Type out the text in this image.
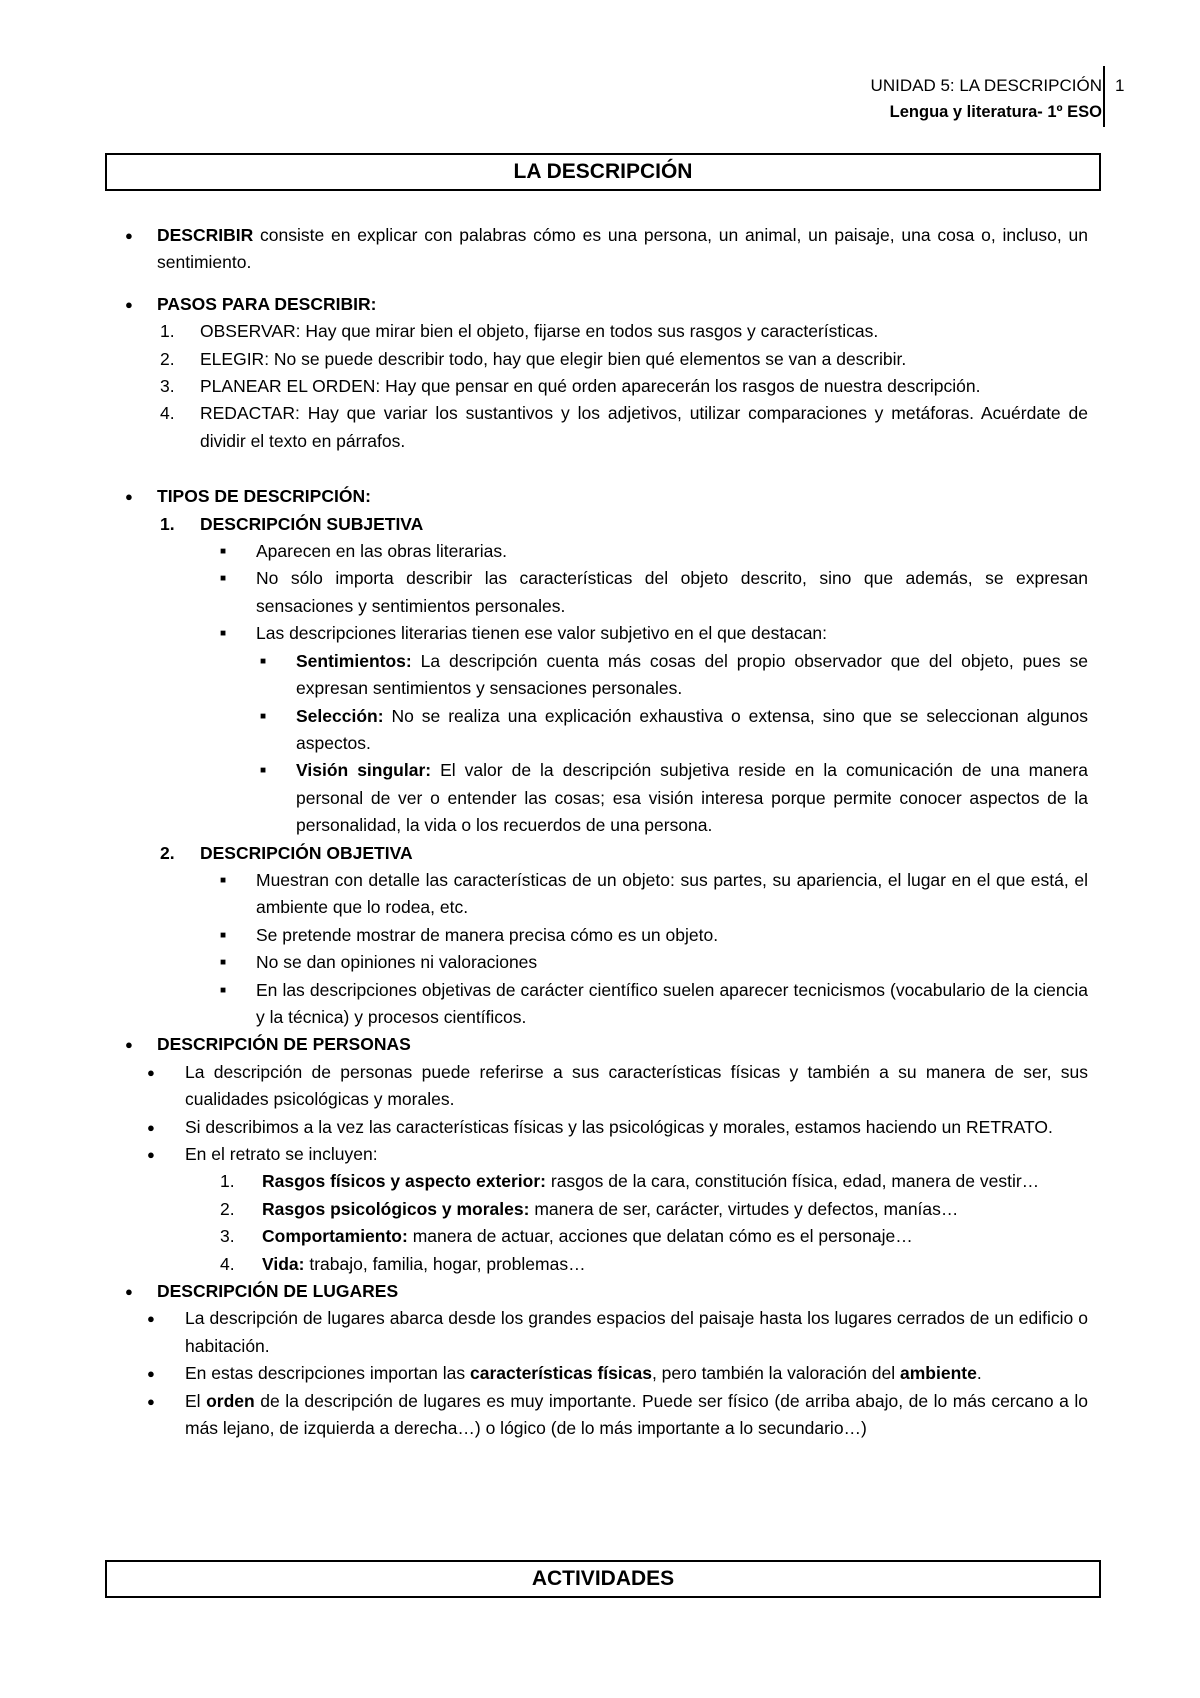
UNIDAD 5: LA DESCRIPCIÓN
Lengua y literatura- 1º ESO
1
LA DESCRIPCIÓN
● DESCRIBIR consiste en explicar con palabras cómo es una persona, un animal, un paisaje, una cosa o, incluso, un sentimiento.
● PASOS PARA DESCRIBIR:
1. OBSERVAR: Hay que mirar bien el objeto, fijarse en todos sus rasgos y características.
2. ELEGIR: No se puede describir todo, hay que elegir bien qué elementos se van a describir.
3. PLANEAR EL ORDEN: Hay que pensar en qué orden aparecerán los rasgos de nuestra descripción.
4. REDACTAR: Hay que variar los sustantivos y los adjetivos, utilizar comparaciones y metáforas. Acuérdate de dividir el texto en párrafos.
● TIPOS DE DESCRIPCIÓN:
1. DESCRIPCIÓN SUBJETIVA
■ Aparecen en las obras literarias.
■ No sólo importa describir las características del objeto descrito, sino que además, se expresan sensaciones y sentimientos personales.
■ Las descripciones literarias tienen ese valor subjetivo en el que destacan:
■ Sentimientos: La descripción cuenta más cosas del propio observador que del objeto, pues se expresan sentimientos y sensaciones personales.
■ Selección: No se realiza una explicación exhaustiva o extensa, sino que se seleccionan algunos aspectos.
■ Visión singular: El valor de la descripción subjetiva reside en la comunicación de una manera personal de ver o entender las cosas; esa visión interesa porque permite conocer aspectos de la personalidad, la vida o los recuerdos de una persona.
2. DESCRIPCIÓN OBJETIVA
■ Muestran con detalle las características de un objeto: sus partes, su apariencia, el lugar en el que está, el ambiente que lo rodea, etc.
■ Se pretende mostrar de manera precisa cómo es un objeto.
■ No se dan opiniones ni valoraciones
■ En las descripciones objetivas de carácter científico suelen aparecer tecnicismos (vocabulario de la ciencia y la técnica) y procesos científicos.
● DESCRIPCIÓN DE PERSONAS
● La descripción de personas puede referirse a sus características físicas y también a su manera de ser, sus cualidades psicológicas y morales.
● Si describimos a la vez las características físicas y las psicológicas y morales, estamos haciendo un RETRATO.
● En el retrato se incluyen:
1. Rasgos físicos y aspecto exterior: rasgos de la cara, constitución física, edad, manera de vestir…
2. Rasgos psicológicos y morales: manera de ser, carácter, virtudes y defectos, manías…
3. Comportamiento: manera de actuar, acciones que delatan cómo es el personaje…
4. Vida: trabajo, familia, hogar, problemas…
● DESCRIPCIÓN DE LUGARES
● La descripción de lugares abarca desde los grandes espacios del paisaje hasta los lugares cerrados de un edificio o habitación.
● En estas descripciones importan las características físicas, pero también la valoración del ambiente.
● El orden de la descripción de lugares es muy importante. Puede ser físico (de arriba abajo, de lo más cercano a lo más lejano, de izquierda a derecha…) o lógico (de lo más importante a lo secundario…)
ACTIVIDADES
